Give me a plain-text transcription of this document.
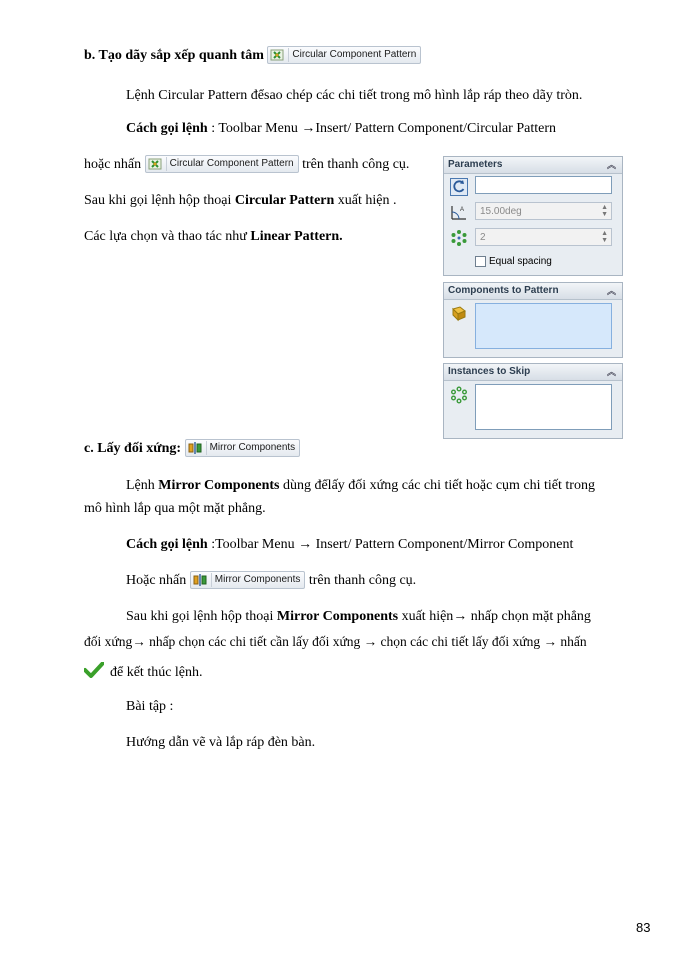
b. Tạo dãy sắp xếp quanh tâm	Circular Component Pattern
Lệnh Circular Pattern đểsao chép các chi tiết trong mô hình lắp ráp theo dãy tròn.
Cách gọi lệnh : Toolbar Menu →Insert/ Pattern Component/Circular Pattern
hoặc nhấn	Circular Component Pattern trên thanh công cụ.
Sau khi gọi lệnh hộp thoại Circular Pattern xuất hiện .
Các lựa chọn và thao tác như Linear Pattern.
Parameters	︽
A	15.00deg	▲
▼
2	▲
▼
Equal spacing
Components to Pattern	︽
Instances to Skip	︽
c. Lấy đối xứng:	Mirror Components
Lệnh Mirror Components dùng đểlấy đối xứng các chi tiết hoặc cụm chi tiết trong
mô hình lắp qua một mặt phẳng.
Cách gọi lệnh :Toolbar Menu → Insert/ Pattern Component/Mirror Component
Hoặc nhấn	Mirror Components trên thanh công cụ.
Sau khi gọi lệnh hộp thoại Mirror Components xuất hiện→ nhấp chọn mặt phẳng
đối xứng→ nhấp chọn các chi tiết cần lấy đối xứng → chọn các chi tiết lấy đối xứng → nhấn
để kết thúc lệnh.
Bài tập :
Hướng dẫn vẽ và lắp ráp đèn bàn.
83
